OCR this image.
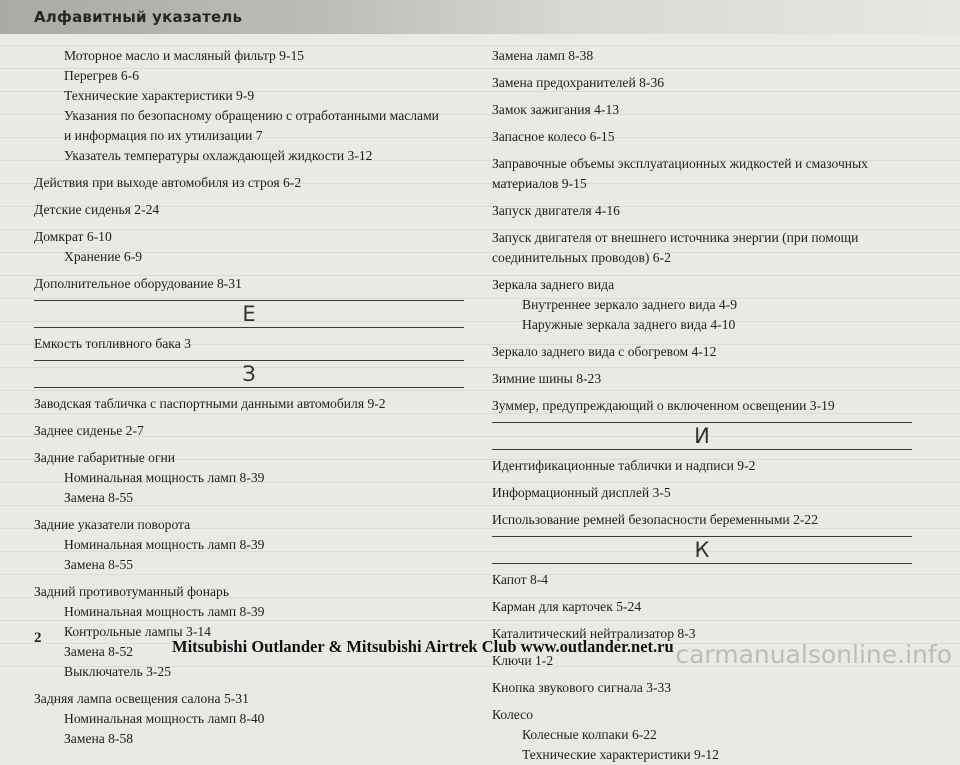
Алфавитный указатель
Моторное масло и масляный фильтр 9-15
Перегрев 6-6
Технические характеристики 9-9
Указания по безопасному обращению с отработанными маслами
и информация по их утилизации 7
Указатель температуры охлаждающей жидкости 3-12
Действия при выходе автомобиля из строя 6-2
Детские сиденья 2-24
Домкрат 6-10
Хранение 6-9
Дополнительное оборудование 8-31
Е
Емкость топливного бака 3
З
Заводская табличка с паспортными данными автомобиля 9-2
Заднее сиденье 2-7
Задние габаритные огни
Номинальная мощность ламп 8-39
Замена 8-55
Задние указатели поворота
Номинальная мощность ламп 8-39
Замена 8-55
Задний противотуманный фонарь
Номинальная мощность ламп 8-39
Контрольные лампы 3-14
Замена 8-52
Выключатель 3-25
Задняя лампа освещения салона 5-31
Номинальная мощность ламп 8-40
Замена 8-58
Замена ламп 8-38
Замена предохранителей 8-36
Замок зажигания 4-13
Запасное колесо 6-15
Заправочные объемы эксплуатационных жидкостей и смазочных материалов 9-15
Запуск двигателя 4-16
Запуск двигателя от внешнего источника энергии (при помощи соединительных проводов) 6-2
Зеркала заднего вида
Внутреннее зеркало заднего вида 4-9
Наружные зеркала заднего вида 4-10
Зеркало заднего вида с обогревом 4-12
Зимние шины 8-23
Зуммер, предупреждающий о включенном освещении 3-19
И
Идентификационные таблички и надписи 9-2
Информационный дисплей 3-5
Использование ремней безопасности беременными 2-22
К
Капот 8-4
Карман для карточек 5-24
Каталитический нейтрализатор 8-3
Ключи 1-2
Кнопка звукового сигнала 3-33
Колесо
Колесные колпаки 6-22
Технические характеристики 9-12
2	Mitsubishi Outlander & Mitsubishi Airtrek Club www.outlander.net.ru carmanualsonline.info
